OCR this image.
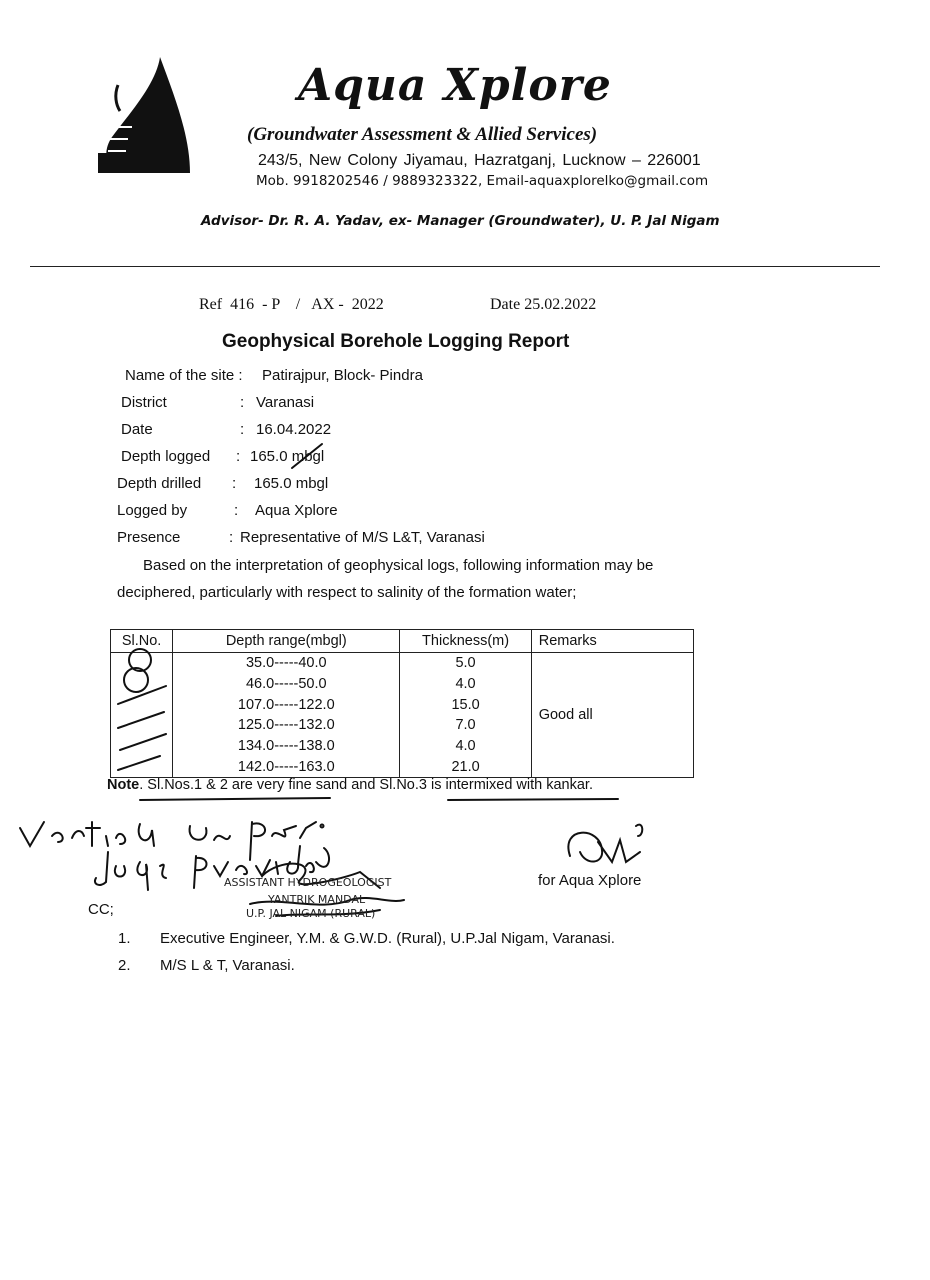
Aqua Xplore
(Groundwater Assessment & Allied Services)
243/5, New Colony Jiyamau, Hazratganj, Lucknow – 226001
Mob. 9918202546 / 9889323322, Email-aquaxplorelko@gmail.com
Advisor- Dr. R. A. Yadav, ex- Manager (Groundwater), U. P. Jal Nigam
Ref  416  - P    /   AX -  2022	Date 25.02.2022
Geophysical Borehole Logging Report
Name of the site : Patirajpur, Block- Pindra
District	: Varanasi
Date	: 16.04.2022
Depth logged : 165.0 mbgl
Depth drilled : 165.0 mbgl
Logged by	: Aqua Xplore
Presence	: Representative of M/S L&T, Varanasi
Based on the interpretation of geophysical logs, following information may be
deciphered, particularly with respect to salinity of the formation water;
Sl.No.	Depth range(mbgl)	Thickness(m)	Remarks
	35.0-----40.0	5.0	Good all
	46.0-----50.0	4.0	
	107.0-----122.0	15.0	
	125.0-----132.0	7.0	
	134.0-----138.0	4.0	
	142.0-----163.0	21.0	
Note. Sl.Nos.1 & 2 are very fine sand and Sl.No.3 is intermixed with kankar.
ASSISTANT HYDROGEOLOGIST
YANTRIK MANDAL
U.P. JAL NIGAM (RURAL)
for Aqua Xplore
CC;
1. Executive Engineer, Y.M. & G.W.D. (Rural), U.P.Jal Nigam, Varanasi.
2. M/S L & T, Varanasi.
